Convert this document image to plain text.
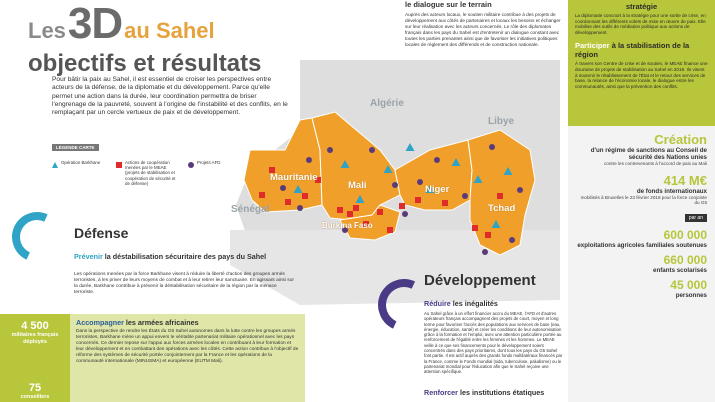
Mauritanie
Mali	Niger
Tchad
Burkina Faso
Algérie
Libye
Sénégal
Les 3D au Sahel
objectifs et résultats
Pour bâtir la paix au Sahel, il est essentiel de croiser les perspectives entre acteurs de la défense, de la diplomatie et du développement. Parce qu'elle permet une action dans la durée, leur coordination permettra de briser l'engrenage de la pauvreté, souvent à l'origine de l'instabilité et des conflits, en le remplaçant par un cercle vertueux de paix et de développement.
LÉGENDE CARTE
Opération Barkhane	Actions de coopération menées par le MEAE (projets de stabilisation et coopération de sécurité et de défense)
Projets AFD
le dialogue sur le terrain
Auprès des acteurs locaux, le soutien militaire contribue à des projets de développement aux côtés de partenaires et locaux les besoins et échanger sur leur réalisation avec les acteurs concernés. Le rôle des diplomates français dans les pays du Sahel est d'entretenir un dialogue constant avec toutes les parties prenantes ainsi que de favoriser les initiatives politiques locales de règlement des différends et de construction nationale.
stratégie
La diplomatie concourt à la stratégie pour une sortie de crise, en coordonnant les différents volets de mise en œuvre de paix. Elle mobilise des outils de médiation politique aux actions de développement.
Participer à la stabilisation de la région
À travers son Centre de crise et de soutien, le MEAE finance une douzaine de projets de stabilisation au Sahel en 2018. Ils visent à soutenir le rétablissement de l'État et le retour des services de base, la relance de l'économie locale, le dialogue entre les communautés, ainsi que la prévention des conflits.
Création
d'un régime de sanctions au Conseil de sécurité des Nations unies
contre les contrevenants à l'accord de paix au Mali
414 M€
de fonds internationaux
mobilisés à Bruxelles le 23 février 2018 pour la force conjointe du G5
par an
600 000
exploitations agricoles familiales soutenues
660 000
enfants scolarisés
45 000
personnes
Défense
Prévenir la déstabilisation sécuritaire des pays du Sahel
Les opérations menées par la force Barkhane visent à réduire la liberté d'action des groupes armés terroristes, à les priver de leurs moyens de combat et à leur retirer leur sanctuaire. En agissant ainsi sur la durée, Barkhane contribue à prévenir la déstabilisation sécuritaire de la région par la menace terroriste.
4 500
militaires français déployés
75
conseillers
Accompagner les armées africaines
Dans la perspective de rendre les États du G5 Sahel autonomes dans la lutte contre les groupes armés terroristes, Barkhane mène un appui envers le véritable partenariat militaire opérationnel avec les pays concernés. Ce dernier repose sur l'appui aux forces armées locales en contribuant à leur formation et leur développement et en combattant des opérations avec les côtés. Cette action contribue à l'objectif de réforme des systèmes de sécurité portée conjointement par la France et les opérations de la communauté internationale (MINUSMA) et européenne (EUTM Mali).
Développement
Réduire les inégalités
Au Sahel grâce à un effort financier accru du MEAE, l'AFD et d'autres opérateurs français accompagnent des projets de court, moyen et long terme pour favoriser l'accès des populations aux services de base (eau, énergie, éducation, santé) et créer les conditions de leur autonomisation grâce à la formation et l'emploi, avec une attention particulière portée au renforcement de l'égalité entre les femmes et les hommes. Le MEAE veille à ce que ses financements pour le développement soient concentrés dans des pays prioritaires, dont tous les pays du G5 Sahel font partie. Il est actif auprès des grands fonds multilatéraux financés par la France, comme le Fonds mondial (sida, tuberculose, paludisme) ou le partenariat mondial pour l'éducation afin que le Sahel reçoive une attention spécifique.
Renforcer les institutions étatiques
